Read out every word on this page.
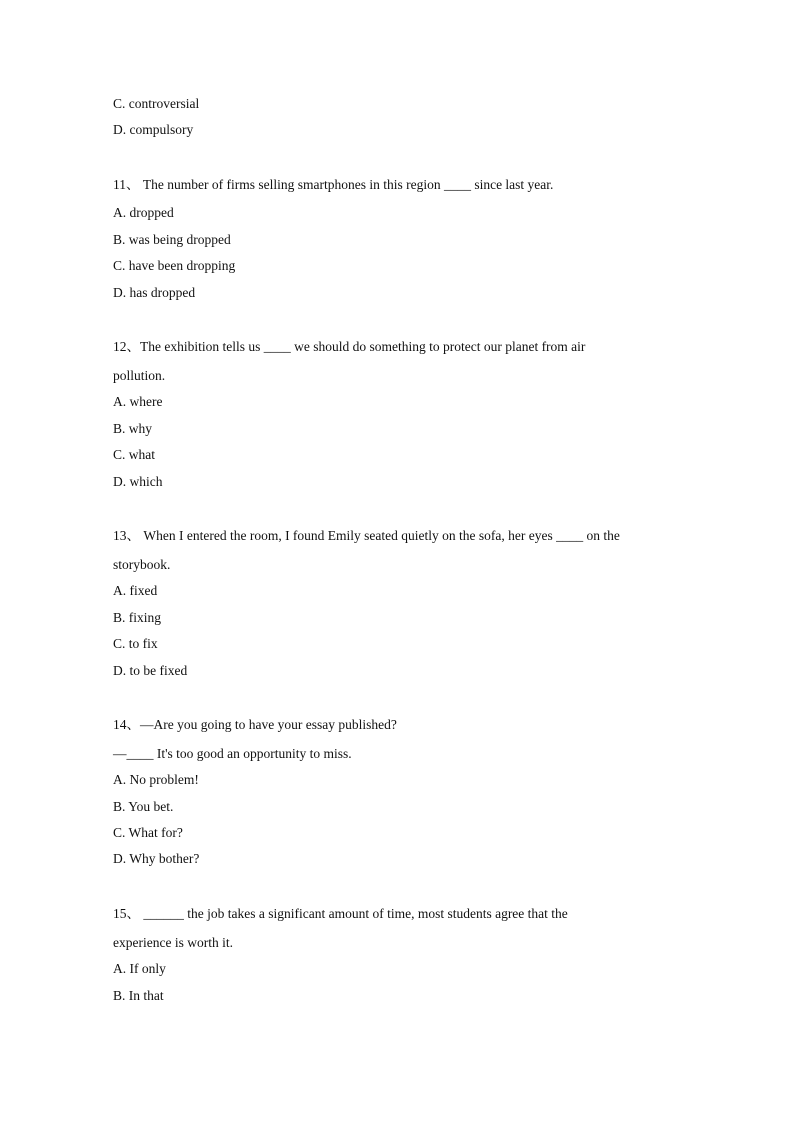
C. controversial
D. compulsory
11、 The number of firms selling smartphones in this region ____ since last year.
A. dropped
B. was being dropped
C. have been dropping
D. has dropped
12、The exhibition tells us ____ we should do something to protect our planet from air
pollution.
A. where
B. why
C. what
D. which
13、 When I entered the room, I found Emily seated quietly on the sofa, her eyes ____ on the
storybook.
A. fixed
B. fixing
C. to fix
D. to be fixed
14、—Are you going to have your essay published?
—____ It's too good an opportunity to miss.
A. No problem!
B. You bet.
C. What for?
D. Why bother?
15、 ______ the job takes a significant amount of time, most students agree that the
experience is worth it.
A. If only
B. In that
